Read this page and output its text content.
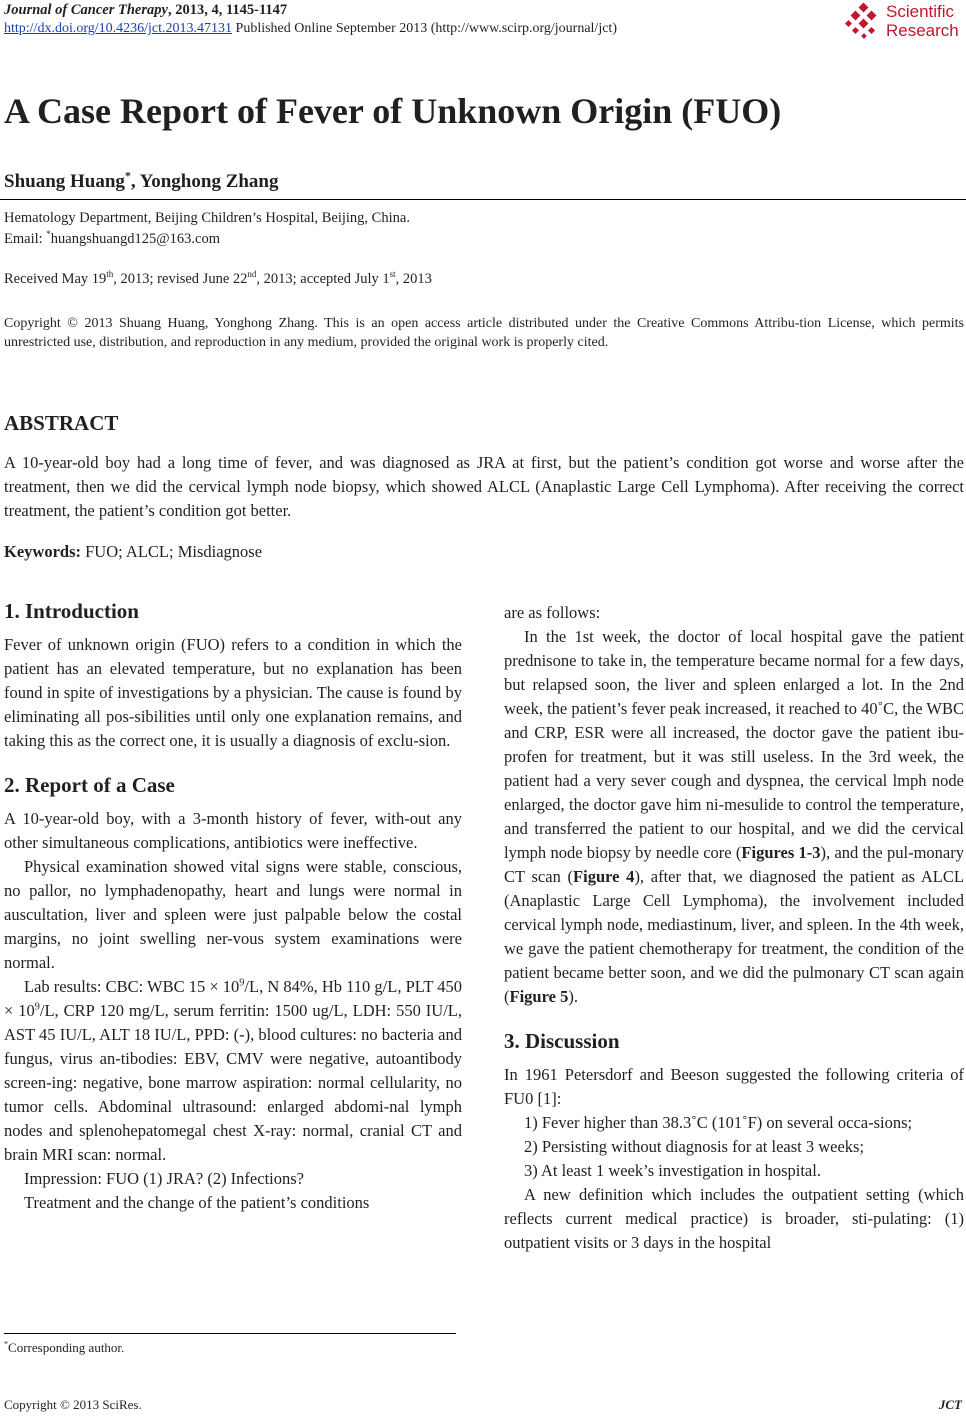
Journal of Cancer Therapy, 2013, 4, 1145-1147
http://dx.doi.org/10.4236/jct.2013.47131 Published Online September 2013 (http://www.scirp.org/journal/jct)
Scientific
Research
A Case Report of Fever of Unknown Origin (FUO)
Shuang Huang*, Yonghong Zhang
Hematology Department, Beijing Children’s Hospital, Beijing, China.
Email: *huangshuangd125@163.com
Received May 19th, 2013; revised June 22nd, 2013; accepted July 1st, 2013
Copyright © 2013 Shuang Huang, Yonghong Zhang. This is an open access article distributed under the Creative Commons Attribu-tion License, which permits unrestricted use, distribution, and reproduction in any medium, provided the original work is properly cited.
ABSTRACT
A 10-year-old boy had a long time of fever, and was diagnosed as JRA at first, but the patient’s condition got worse and worse after the treatment, then we did the cervical lymph node biopsy, which showed ALCL (Anaplastic Large Cell Lymphoma). After receiving the correct treatment, the patient’s condition got better.
Keywords: FUO; ALCL; Misdiagnose
1. Introduction

Fever of unknown origin (FUO) refers to a condition in which the patient has an elevated temperature, but no explanation has been found in spite of investigations by a physician. The cause is found by eliminating all pos-sibilities until only one explanation remains, and taking this as the correct one, it is usually a diagnosis of exclu-sion.

2. Report of a Case

A 10-year-old boy, with a 3-month history of fever, with-out any other simultaneous complications, antibiotics were ineffective.

Physical examination showed vital signs were stable, conscious, no pallor, no lymphadenopathy, heart and lungs were normal in auscultation, liver and spleen were just palpable below the costal margins, no joint swelling ner-vous system examinations were normal.

Lab results: CBC: WBC $15 \times 10^9/L$, N 84%, Hb 110 g/L, PLT $450 \times 10^9/L$, CRP 120 mg/L, serum ferritin: 1500 ug/L, LDH: 550 IU/L, AST 45 IU/L, ALT 18 IU/L, PPD: (-), blood cultures: no bacteria and fungus, virus an-tibodies: EBV, CMV were negative, autoantibody screen-ing: negative, bone marrow aspiration: normal cellularity, no tumor cells. Abdominal ultrasound: enlarged abdomi-nal lymph nodes and splenohepatomegal chest X-ray: normal, cranial CT and brain MRI scan: normal.

Impression: FUO (1) JRA? (2) Infections?

Treatment and the change of the patient’s conditions

are as follows:

In the 1st week, the doctor of local hospital gave the patient prednisone to take in, the temperature became normal for a few days, but relapsed soon, the liver and spleen enlarged a lot. In the 2nd week, the patient’s fever peak increased, it reached to 40˚C, the WBC and CRP, ESR were all increased, the doctor gave the patient ibu-profen for treatment, but it was still useless. In the 3rd week, the patient had a very sever cough and dyspnea, the cervical lmph node enlarged, the doctor gave him ni-mesulide to control the temperature, and transferred the patient to our hospital, and we did the cervical lymph node biopsy by needle core (Figures 1-3), and the pul-monary CT scan (Figure 4), after that, we diagnosed the patient as ALCL (Anaplastic Large Cell Lymphoma), the involvement included cervical lymph node, mediastinum, liver, and spleen. In the 4th week, we gave the patient chemotherapy for treatment, the condition of the patient became better soon, and we did the pulmonary CT scan again (Figure 5).

3. Discussion

In 1961 Petersdorf and Beeson suggested the following criteria of FU0 [1]:

1) Fever higher than 38.3˚C (101˚F) on several occa-sions;

2) Persisting without diagnosis for at least 3 weeks;

3) At least 1 week’s investigation in hospital.

A new definition which includes the outpatient setting (which reflects current medical practice) is broader, sti-pulating: (1) outpatient visits or 3 days in the hospital

*Corresponding author.
Copyright © 2013 SciRes.	JCT
